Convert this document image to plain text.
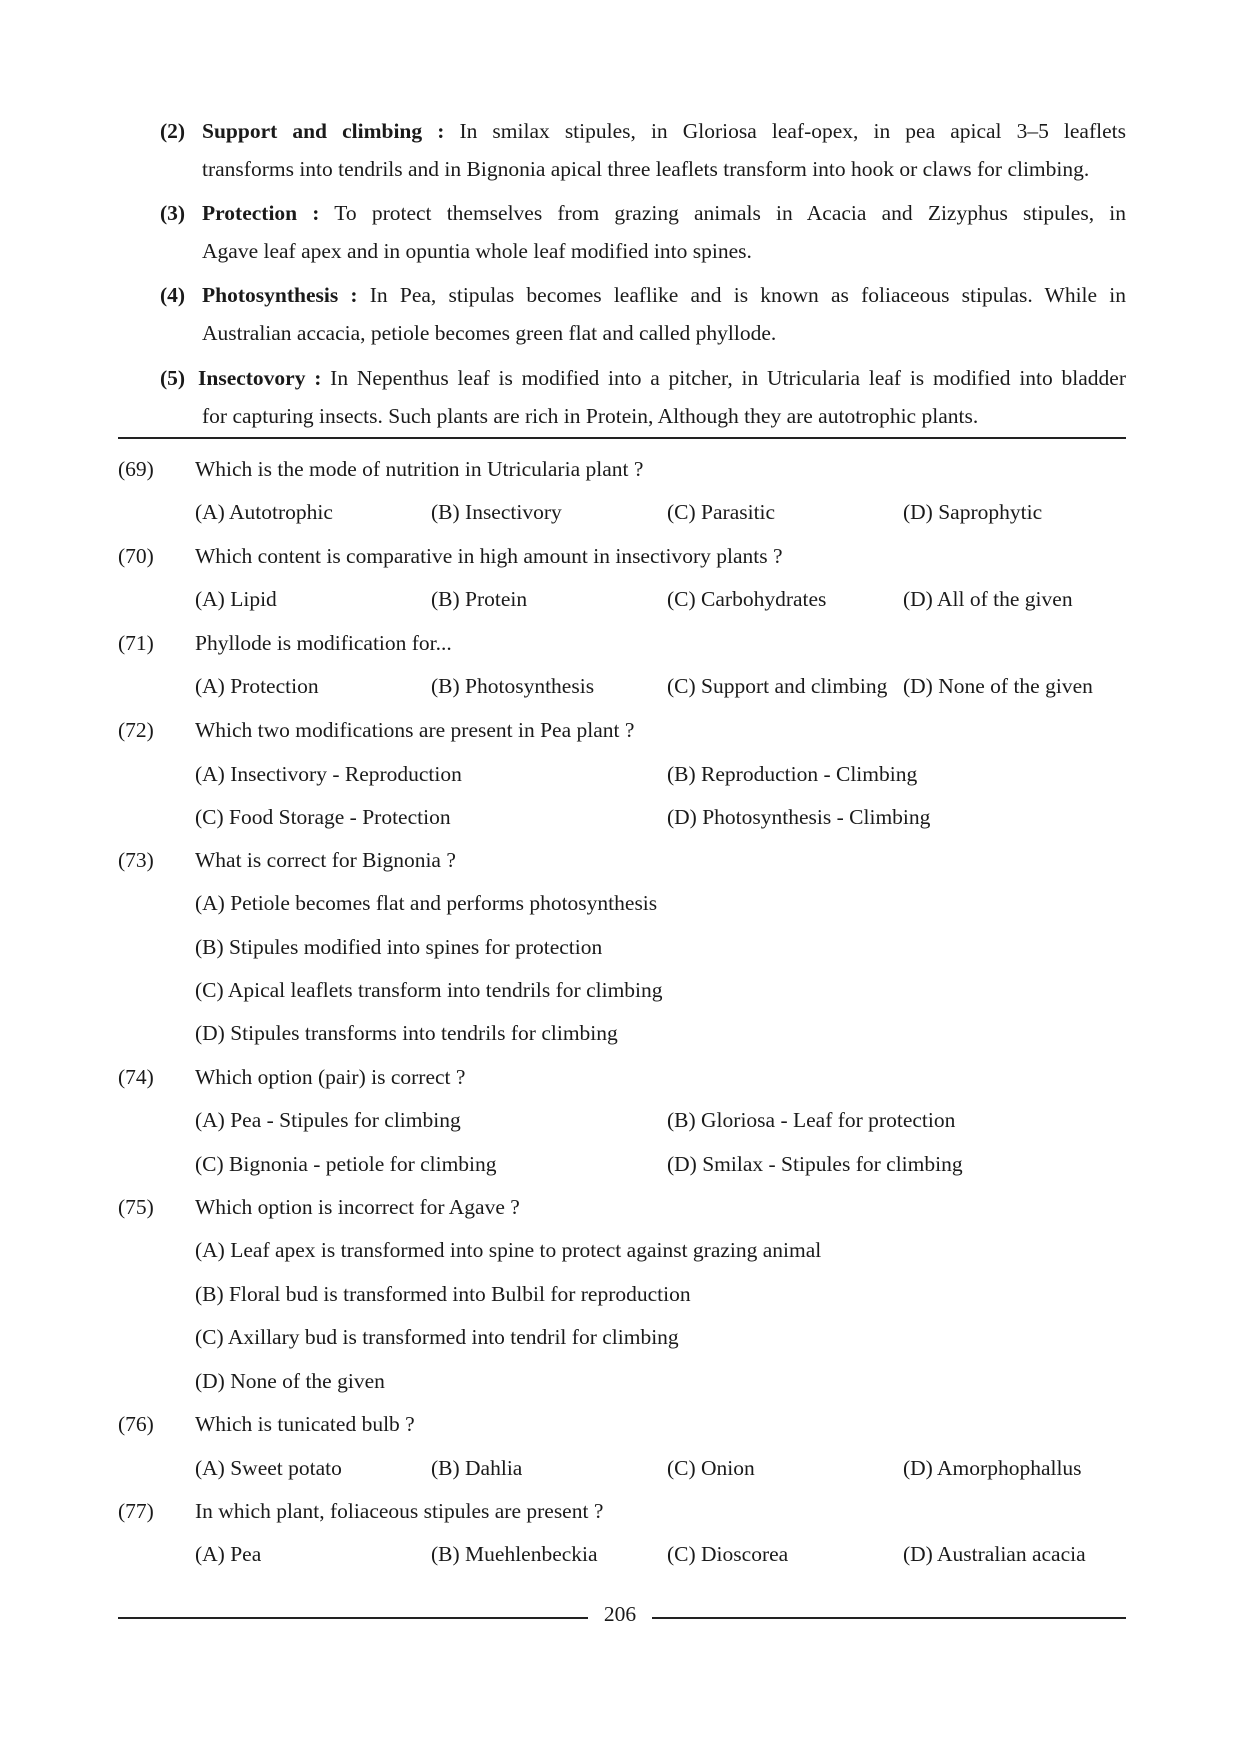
(2) Support and climbing : In smilax stipules, in Gloriosa leaf-opex, in pea apical 3–5 leaflets
transforms into tendrils and in Bignonia apical three leaflets transform into hook or claws for climbing.
(3) Protection : To protect themselves from grazing animals in Acacia and Zizyphus stipules, in
Agave leaf apex and in opuntia whole leaf modified into spines.
(4) Photosynthesis : In Pea, stipulas becomes leaflike and is known as foliaceous stipulas. While in
Australian accacia, petiole becomes green flat and called phyllode.
(5) Insectovory : In Nepenthus leaf is modified into a pitcher, in Utricularia leaf is modified into bladder
for capturing insects. Such plants are rich in Protein, Although they are autotrophic plants.
(69) Which is the mode of nutrition in Utricularia plant ?
(A) Autotrophic	(B) Insectivory	(C) Parasitic	(D) Saprophytic
(70) Which content is comparative in high amount in insectivory plants ?
(A) Lipid	(B) Protein	(C) Carbohydrates	(D) All of the given
(71) Phyllode is modification for...
(A) Protection	(B) Photosynthesis	(C) Support and climbing (D) None of the given
(72) Which two modifications are present in Pea plant ?
(A) Insectivory - Reproduction	(B) Reproduction - Climbing
(C) Food Storage - Protection	(D) Photosynthesis - Climbing
(73) What is correct for Bignonia ?
(A) Petiole becomes flat and performs photosynthesis
(B) Stipules modified into spines for protection
(C) Apical leaflets transform into tendrils for climbing
(D) Stipules transforms into tendrils for climbing
(74) Which option (pair) is correct ?
(A) Pea - Stipules for climbing	(B) Gloriosa - Leaf for protection
(C) Bignonia - petiole for climbing	(D) Smilax - Stipules for climbing
(75) Which option is incorrect for Agave ?
(A) Leaf apex is transformed into spine to protect against grazing animal
(B) Floral bud is transformed into Bulbil for reproduction
(C) Axillary bud is transformed into tendril for climbing
(D) None of the given
(76) Which is tunicated bulb ?
(A) Sweet potato	(B) Dahlia	(C) Onion	(D) Amorphophallus
(77) In which plant, foliaceous stipules are present ?
(A) Pea	(B) Muehlenbeckia	(C) Dioscorea	(D) Australian acacia
206
